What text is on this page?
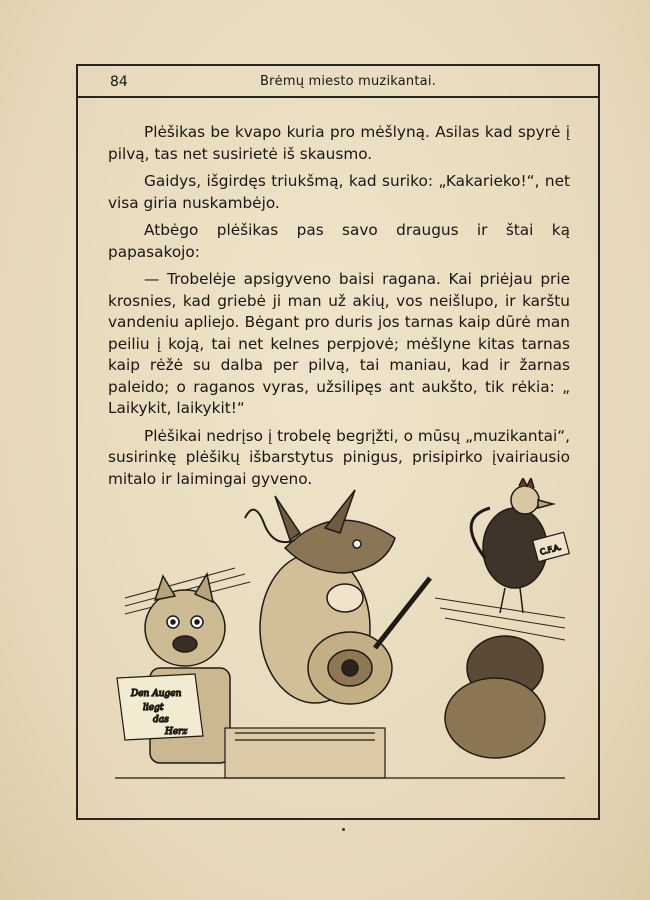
84	Brėmų miesto muzikantai.

Plėšikas be kvapo kuria pro mėšlyną. Asilas kad spyrė į pilvą, tas net susirietė iš skausmo.

Gaidys, išgirdęs triukšmą, kad suriko: „Kakarieko!“, net visa giria nuskambėjo.

Atbėgo plėšikas pas savo draugus ir štai ką papasakojo:

— Trobelėje apsigyveno baisi ragana. Kai priėjau prie krosnies, kad griebė ji man už akių, vos neišlupo, ir karštu vandeniu apliejo. Bėgant pro duris jos tarnas kaip dūrė man peiliu į koją, tai net kelnes perpjovė; mėšlyne kitas tarnas kaip rėžė su dalba per pilvą, tai maniau, kad ir žarnas paleido; o raganos vyras, užsilipęs ant aukšto, tik rėkia: „ Laikykit, laikykit!“

Plėšikai nedrįso į trobelę begrįžti, o mūsų „muzikantai“, susirinkę plėšikų išbarstytus pinigus, prisipirko įvairiausio mitalo ir laimingai gyveno.

Den Augen
liegt
das
Herz
C.F.A.
